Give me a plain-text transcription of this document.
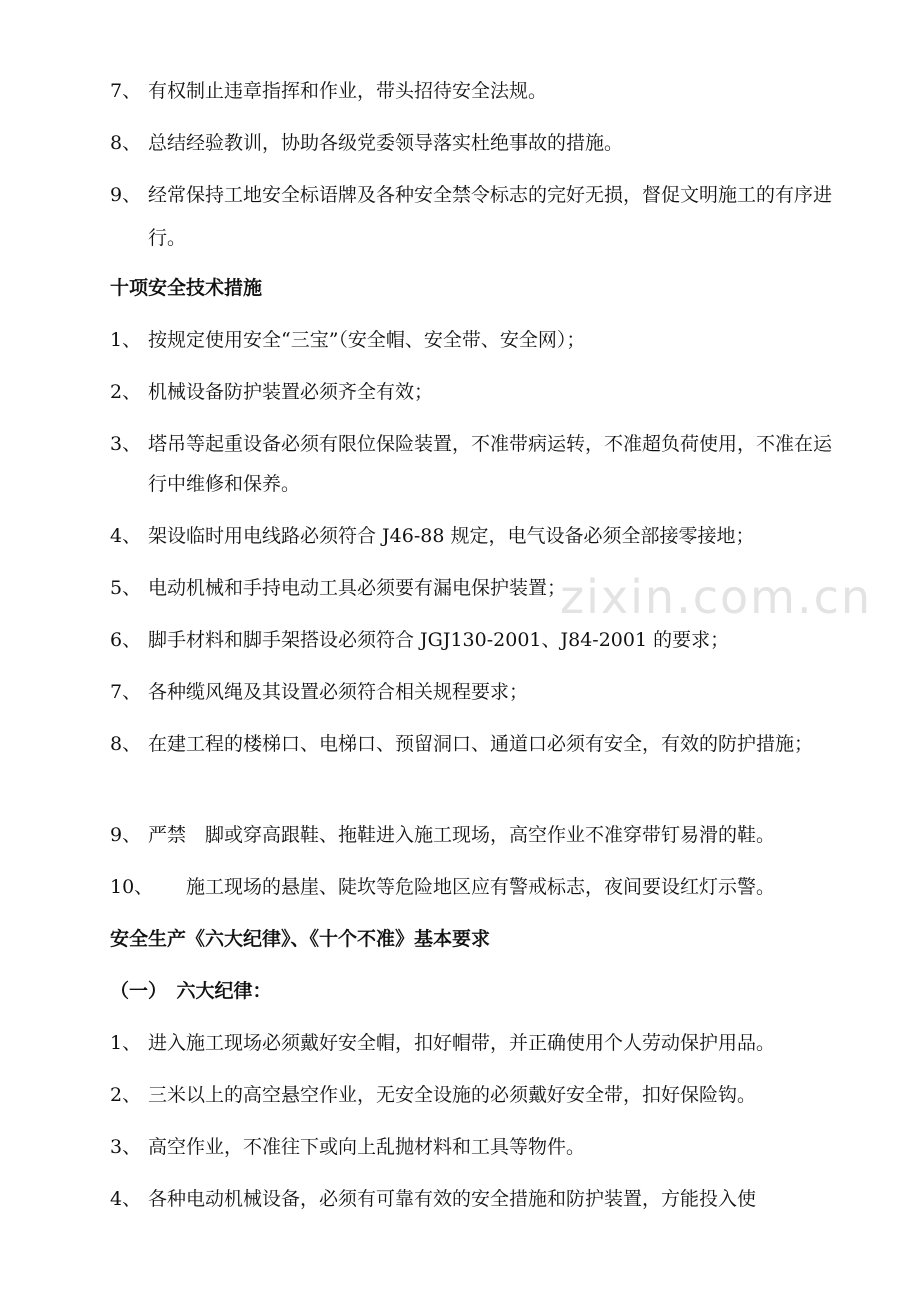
zixin.com.cn
7、 有权制止违章指挥和作业，带头招待安全法规。
8、 总结经验教训，协助各级党委领导落实杜绝事故的措施。
9、 经常保持工地安全标语牌及各种安全禁令标志的完好无损，督促文明施工的有序进行。
十项安全技术措施
1、 按规定使用安全“三宝”（安全帽、安全带、安全网）；
2、 机械设备防护装置必须齐全有效；
3、 塔吊等起重设备必须有限位保险装置，不准带病运转，不准超负荷使用，不准在运行中维修和保养。
4、 架设临时用电线路必须符合 J46-88 规定，电气设备必须全部接零接地；
5、 电动机械和手持电动工具必须要有漏电保护装置；
6、 脚手材料和脚手架搭设必须符合 JGJ130-2001、J84-2001 的要求；
7、 各种缆风绳及其设置必须符合相关规程要求；
8、 在建工程的楼梯口、电梯口、预留洞口、通道口必须有安全，有效的防护措施；
9、 严禁　脚或穿高跟鞋、拖鞋进入施工现场，高空作业不准穿带钉易滑的鞋。
10、	施工现场的悬崖、陡坎等危险地区应有警戒标志，夜间要设红灯示警。
安全生产《六大纪律》、《十个不准》基本要求
（一）　六大纪律：
1、 进入施工现场必须戴好安全帽，扣好帽带，并正确使用个人劳动保护用品。
2、 三米以上的高空悬空作业，无安全设施的必须戴好安全带，扣好保险钩。
3、 高空作业，不准往下或向上乱抛材料和工具等物件。
4、 各种电动机械设备，必须有可靠有效的安全措施和防护装置，方能投入使
